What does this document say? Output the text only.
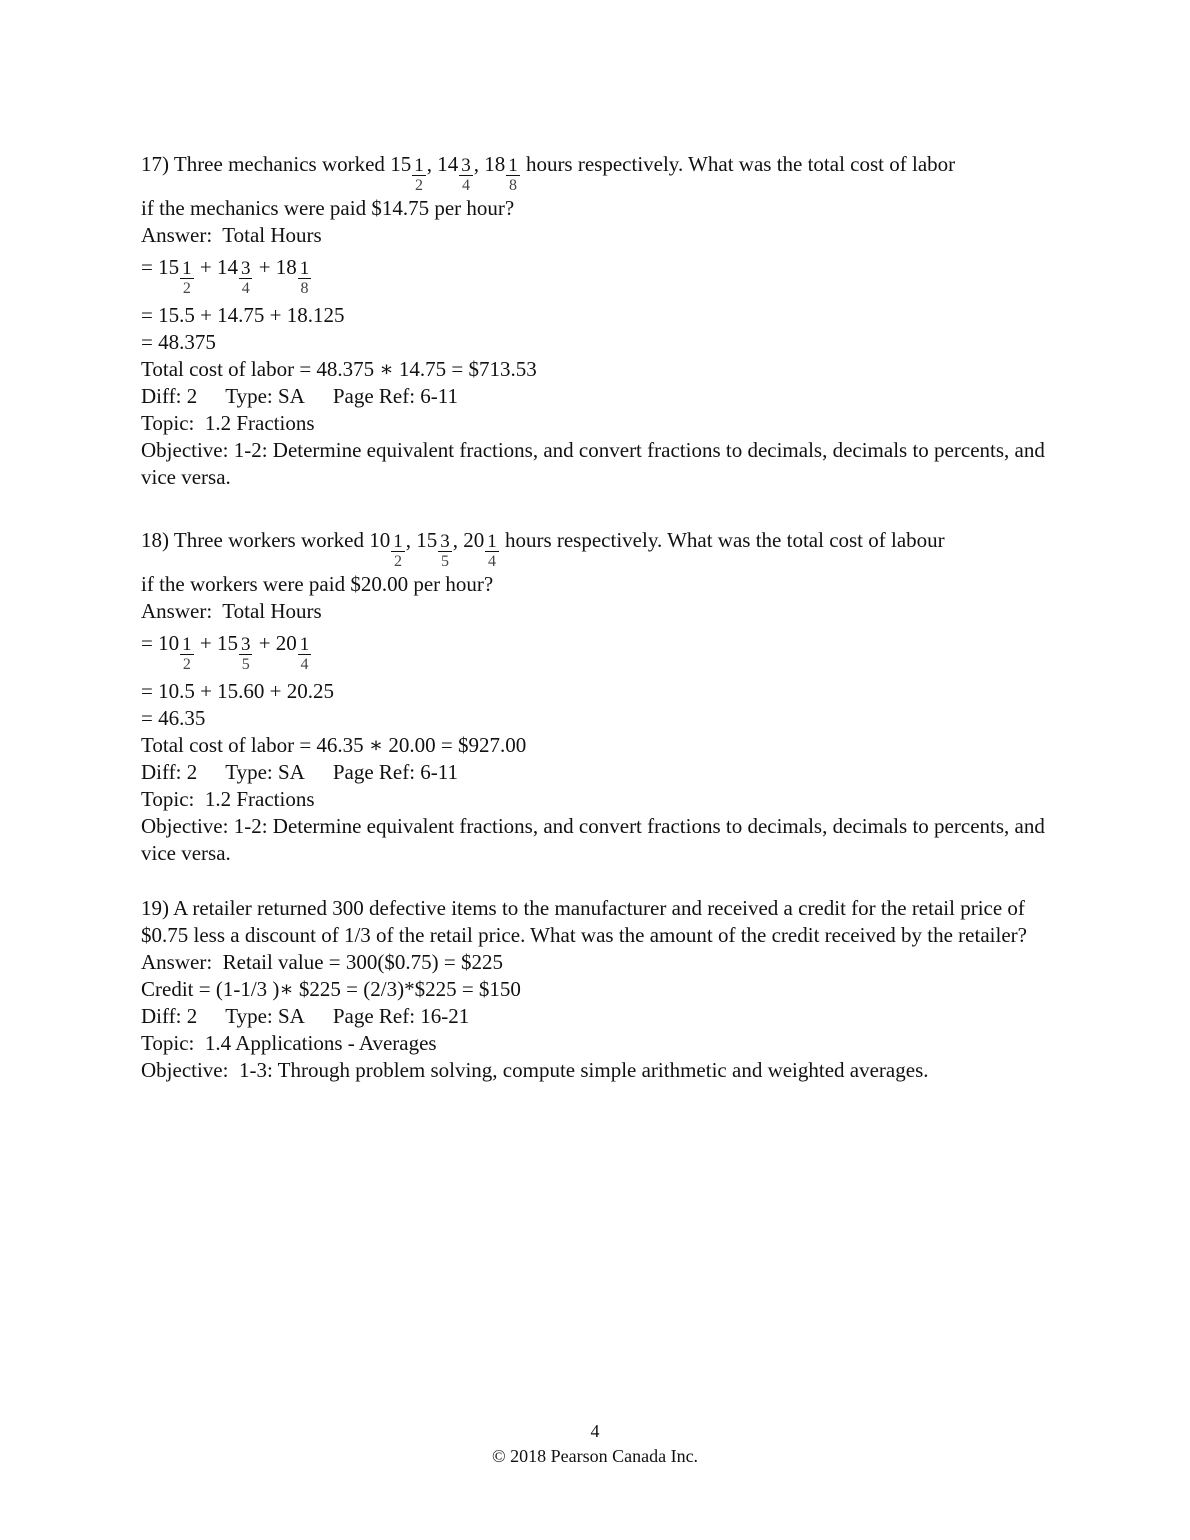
17) Three mechanics worked $15 \frac{1}{2}$ , $14 \frac{3}{4}$ , $18 \frac{1}{8}$ hours respectively. What was the total cost of labor
if the mechanics were paid $14.75 per hour?
Answer:  Total Hours
= $15 \frac{1}{2} + 14 \frac{3}{4} + 18 \frac{1}{8}$
= 15.5 + 14.75 + 18.125
= 48.375
Total cost of labor = 48.375 ∗ 14.75 = $713.53
Diff: 2 Type: SA Page Ref: 6-11
Topic:  1.2 Fractions
Objective: 1-2: Determine equivalent fractions, and convert fractions to decimals, decimals to percents, and vice versa.
18) Three workers worked $10 \frac{1}{2}$ , $15 \frac{3}{5}$ , $20 \frac{1}{4}$ hours respectively. What was the total cost of labour
if the workers were paid $20.00 per hour?
Answer:  Total Hours
= $10 \frac{1}{2} + 15 \frac{3}{5} + 20 \frac{1}{4}$
= 10.5 + 15.60 + 20.25
= 46.35
Total cost of labor = 46.35 ∗ 20.00 = $927.00
Diff: 2 Type: SA Page Ref: 6-11
Topic:  1.2 Fractions
Objective: 1-2: Determine equivalent fractions, and convert fractions to decimals, decimals to percents, and vice versa.
19) A retailer returned 300 defective items to the manufacturer and received a credit for the retail price of $0.75 less a discount of 1/3 of the retail price. What was the amount of the credit received by the retailer?
Answer:  Retail value = 300($0.75) = $225
Credit = (1-1/3 )∗ $225 = (2/3)*$225 = $150
Diff: 2 Type: SA Page Ref: 16-21
Topic:  1.4 Applications - Averages
Objective:  1-3: Through problem solving, compute simple arithmetic and weighted averages.
4
© 2018 Pearson Canada Inc.
